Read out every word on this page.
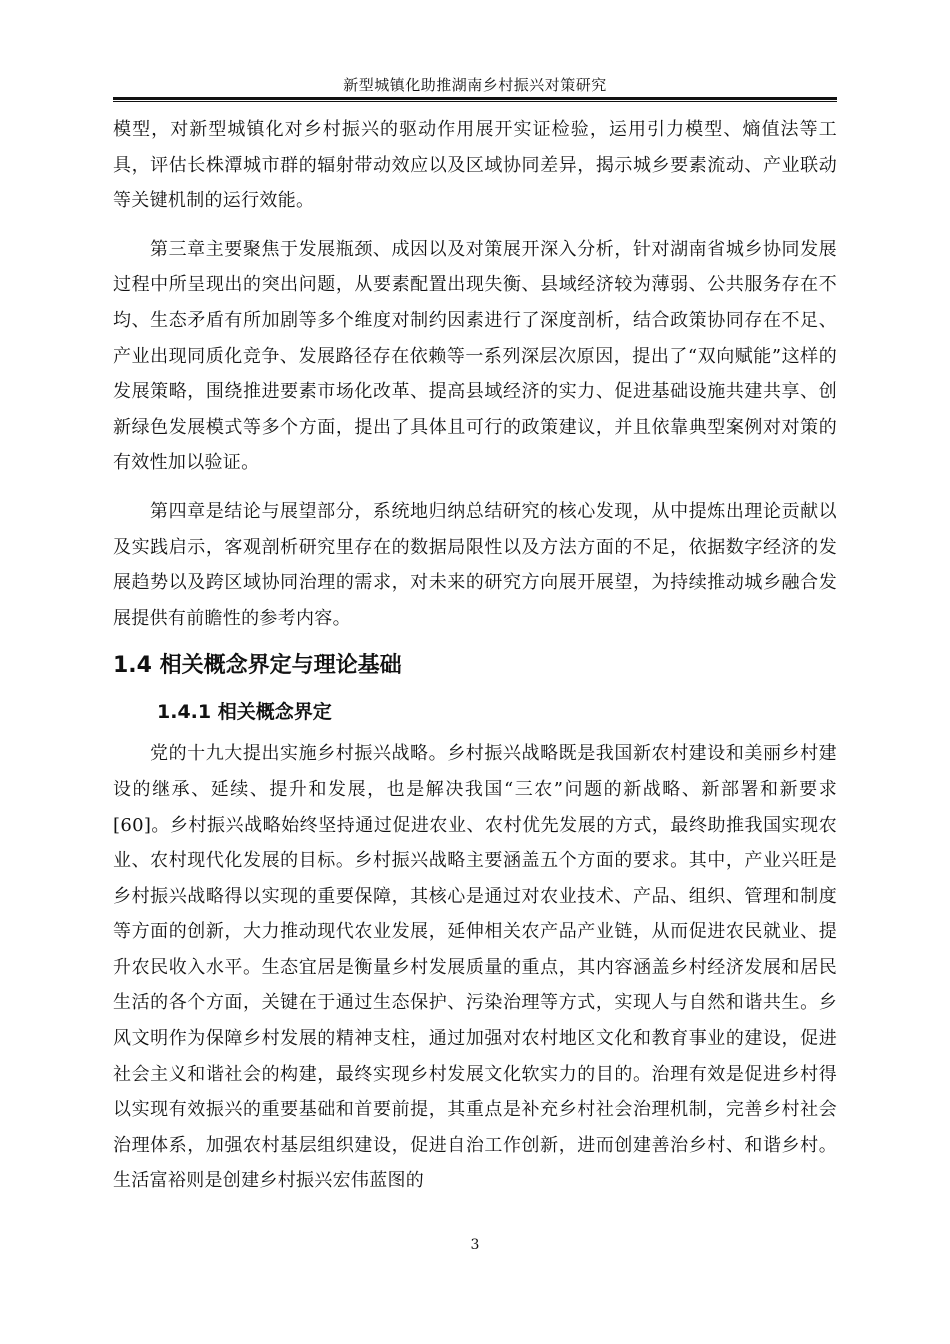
新型城镇化助推湖南乡村振兴对策研究

模型，对新型城镇化对乡村振兴的驱动作用展开实证检验，运用引力模型、熵值法等工具，评估长株潭城市群的辐射带动效应以及区域协同差异，揭示城乡要素流动、产业联动等关键机制的运行效能。

第三章主要聚焦于发展瓶颈、成因以及对策展开深入分析，针对湖南省城乡协同发展过程中所呈现出的突出问题，从要素配置出现失衡、县域经济较为薄弱、公共服务存在不均、生态矛盾有所加剧等多个维度对制约因素进行了深度剖析，结合政策协同存在不足、产业出现同质化竞争、发展路径存在依赖等一系列深层次原因，提出了“双向赋能”这样的发展策略，围绕推进要素市场化改革、提高县域经济的实力、促进基础设施共建共享、创新绿色发展模式等多个方面，提出了具体且可行的政策建议，并且依靠典型案例对对策的有效性加以验证。

第四章是结论与展望部分，系统地归纳总结研究的核心发现，从中提炼出理论贡献以及实践启示，客观剖析研究里存在的数据局限性以及方法方面的不足，依据数字经济的发展趋势以及跨区域协同治理的需求，对未来的研究方向展开展望，为持续推动城乡融合发展提供有前瞻性的参考内容。

1.4 相关概念界定与理论基础
1.4.1 相关概念界定

党的十九大提出实施乡村振兴战略。乡村振兴战略既是我国新农村建设和美丽乡村建设的继承、延续、提升和发展，也是解决我国“三农”问题的新战略、新部署和新要求[60]。乡村振兴战略始终坚持通过促进农业、农村优先发展的方式，最终助推我国实现农业、农村现代化发展的目标。乡村振兴战略主要涵盖五个方面的要求。其中，产业兴旺是乡村振兴战略得以实现的重要保障，其核心是通过对农业技术、产品、组织、管理和制度等方面的创新，大力推动现代农业发展，延伸相关农产品产业链，从而促进农民就业、提升农民收入水平。生态宜居是衡量乡村发展质量的重点，其内容涵盖乡村经济发展和居民生活的各个方面，关键在于通过生态保护、污染治理等方式，实现人与自然和谐共生。乡风文明作为保障乡村发展的精神支柱，通过加强对农村地区文化和教育事业的建设，促进社会主义和谐社会的构建，最终实现乡村发展文化软实力的目的。治理有效是促进乡村得以实现有效振兴的重要基础和首要前提，其重点是补充乡村社会治理机制，完善乡村社会治理体系，加强农村基层组织建设，促进自治工作创新，进而创建善治乡村、和谐乡村。生活富裕则是创建乡村振兴宏伟蓝图的

3
